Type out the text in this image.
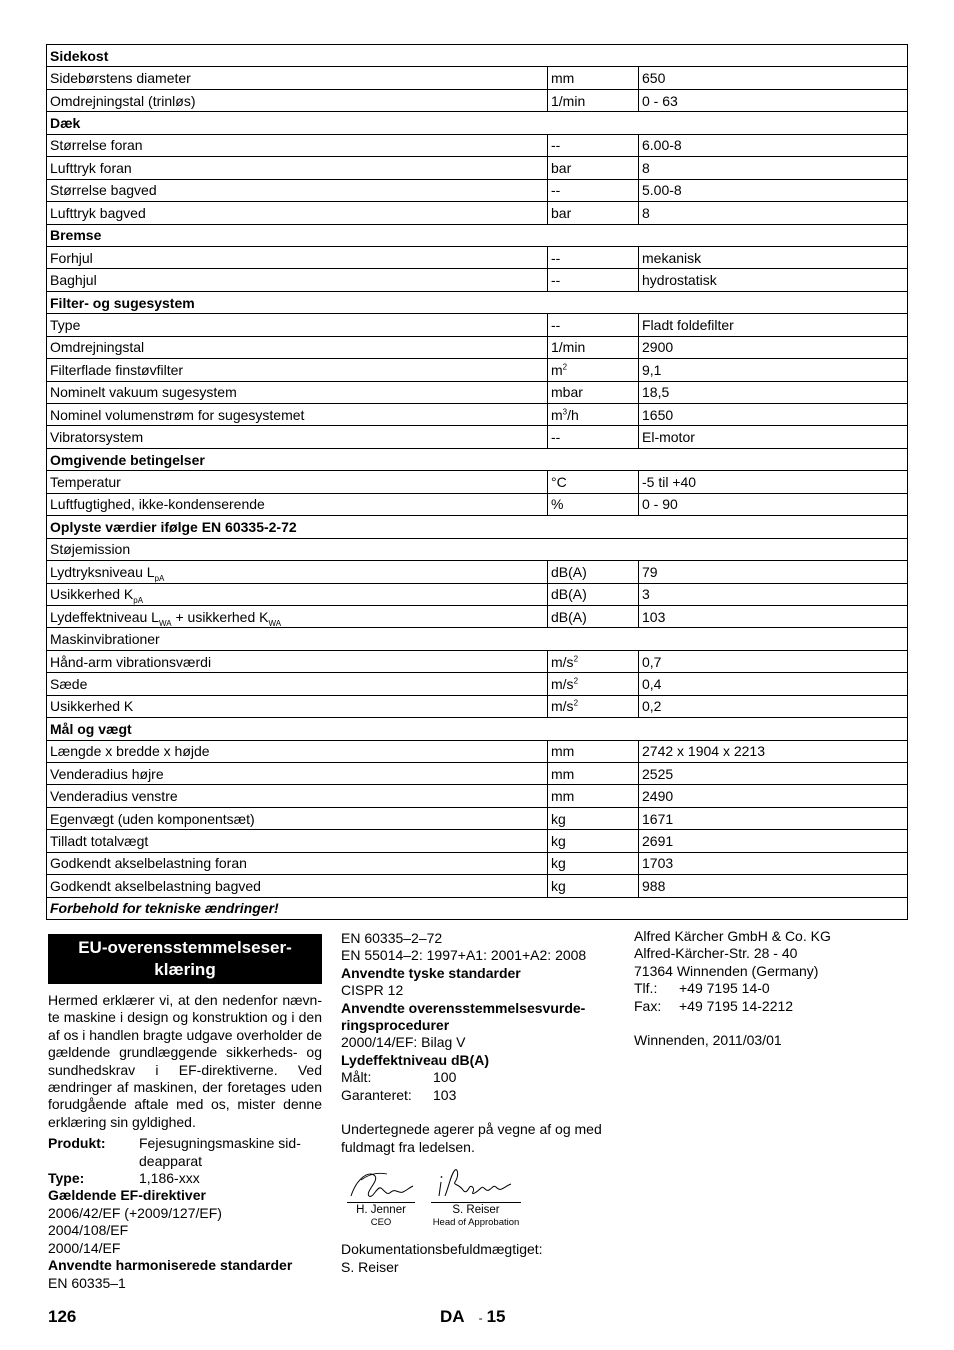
Sidekost		
Sidebørstens diameter	mm	650
Omdrejningstal (trinløs)	1/min	0 - 63
Dæk		
Størrelse foran	--	6.00-8
Lufttryk foran	bar	8
Størrelse bagved	--	5.00-8
Lufttryk bagved	bar	8
Bremse		
Forhjul	--	mekanisk
Baghjul	--	hydrostatisk
Filter- og sugesystem		
Type	--	Fladt foldefilter
Omdrejningstal	1/min	2900
Filterflade finstøvfilter	$m^2$	9,1
Nominelt vakuum sugesystem	mbar	18,5
Nominel volumenstrøm for sugesystemet	$m^3/h$	1650
Vibratorsystem	--	El-motor
Omgivende betingelser		
Temperatur	°C	-5 til +40
Luftfugtighed, ikke-kondenserende	%	0 - 90
Oplyste værdier ifølge EN 60335-2-72		
Støjemission		
Lydtryksniveau $L_{pA}$	dB(A)	79
Usikkerhed $K_{pA}$	dB(A)	3
Lydeffektniveau $L_{WA}$ + usikkerhed $K_{WA}$	dB(A)	103
Maskinvibrationer		
Hånd-arm vibrationsværdi	$m/s^2$	0,7
Sæde	$m/s^2$	0,4
Usikkerhed K	$m/s^2$	0,2
Mål og vægt		
Længde x bredde x højde	mm	2742 x 1904 x 2213
Venderadius højre	mm	2525
Venderadius venstre	mm	2490
Egenvægt (uden komponentsæt)	kg	1671
Tilladt totalvægt	kg	2691
Godkendt akselbelastning foran	kg	1703
Godkendt akselbelastning bagved	kg	988
Forbehold for tekniske ændringer!		
EU-overensstemmelseser-klæring
Hermed erklærer vi, at den nedenfor nævn-te maskine i design og konstruktion og i den af os i handlen bragte udgave overholder de gældende grundlæggende sikkerheds- og sundhedskrav i EF-direktiverne. Ved ændringer af maskinen, der foretages uden forudgående aftale med os, mister denne erklæring sin gyldighed.
Produkt:	Fejesugningsmaskine sid-deapparat
Type:	1,186-xxx
Gældende EF-direktiver
2006/42/EF (+2009/127/EF)
2004/108/EF
2000/14/EF
Anvendte harmoniserede standarder
EN 60335–1
EN 60335–2–72
EN 55014–2: 1997+A1: 2001+A2: 2008
Anvendte tyske standarder
CISPR 12
Anvendte overensstemmelsesvurde-ringsprocedurer
2000/14/EF: Bilag V
Lydeffektniveau dB(A)
Målt:	100
Garanteret:	103
Undertegnede agerer på vegne af og med fuldmagt fra ledelsen.
H. Jenner
CEO
S. Reiser
Head of Approbation
Dokumentationsbefuldmægtiget:
S. Reiser
Alfred Kärcher GmbH & Co. KG
Alfred-Kärcher-Str. 28 - 40
71364 Winnenden (Germany)
Tlf.:	+49 7195 14-0
Fax:	+49 7195 14-2212
Winnenden, 2011/03/01
126	DA - 15
